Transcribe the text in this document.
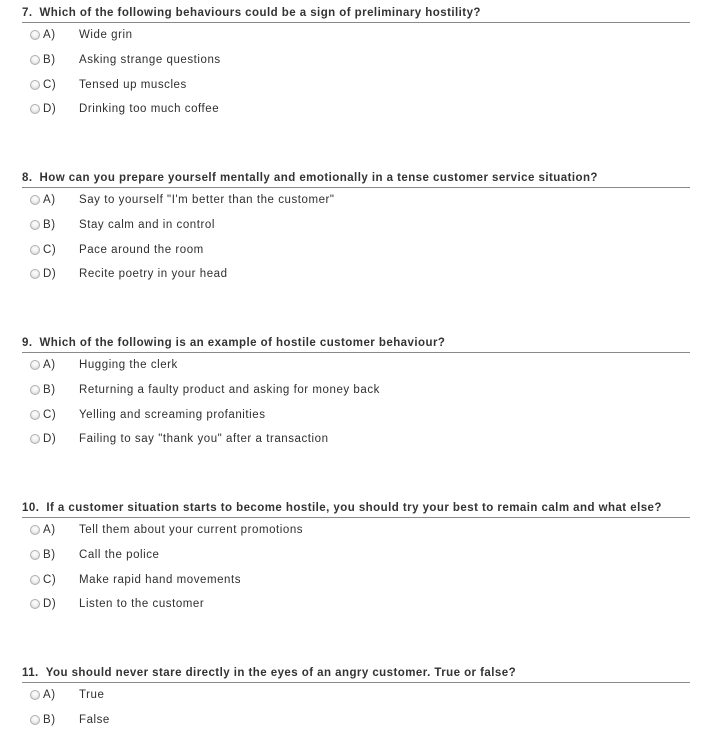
7. Which of the following behaviours could be a sign of preliminary hostility?
A) Wide grin
B) Asking strange questions
C) Tensed up muscles
D) Drinking too much coffee
8. How can you prepare yourself mentally and emotionally in a tense customer service situation?
A) Say to yourself "I'm better than the customer"
B) Stay calm and in control
C) Pace around the room
D) Recite poetry in your head
9. Which of the following is an example of hostile customer behaviour?
A) Hugging the clerk
B) Returning a faulty product and asking for money back
C) Yelling and screaming profanities
D) Failing to say "thank you" after a transaction
10. If a customer situation starts to become hostile, you should try your best to remain calm and what else?
A) Tell them about your current promotions
B) Call the police
C) Make rapid hand movements
D) Listen to the customer
11. You should never stare directly in the eyes of an angry customer. True or false?
A) True
B) False
